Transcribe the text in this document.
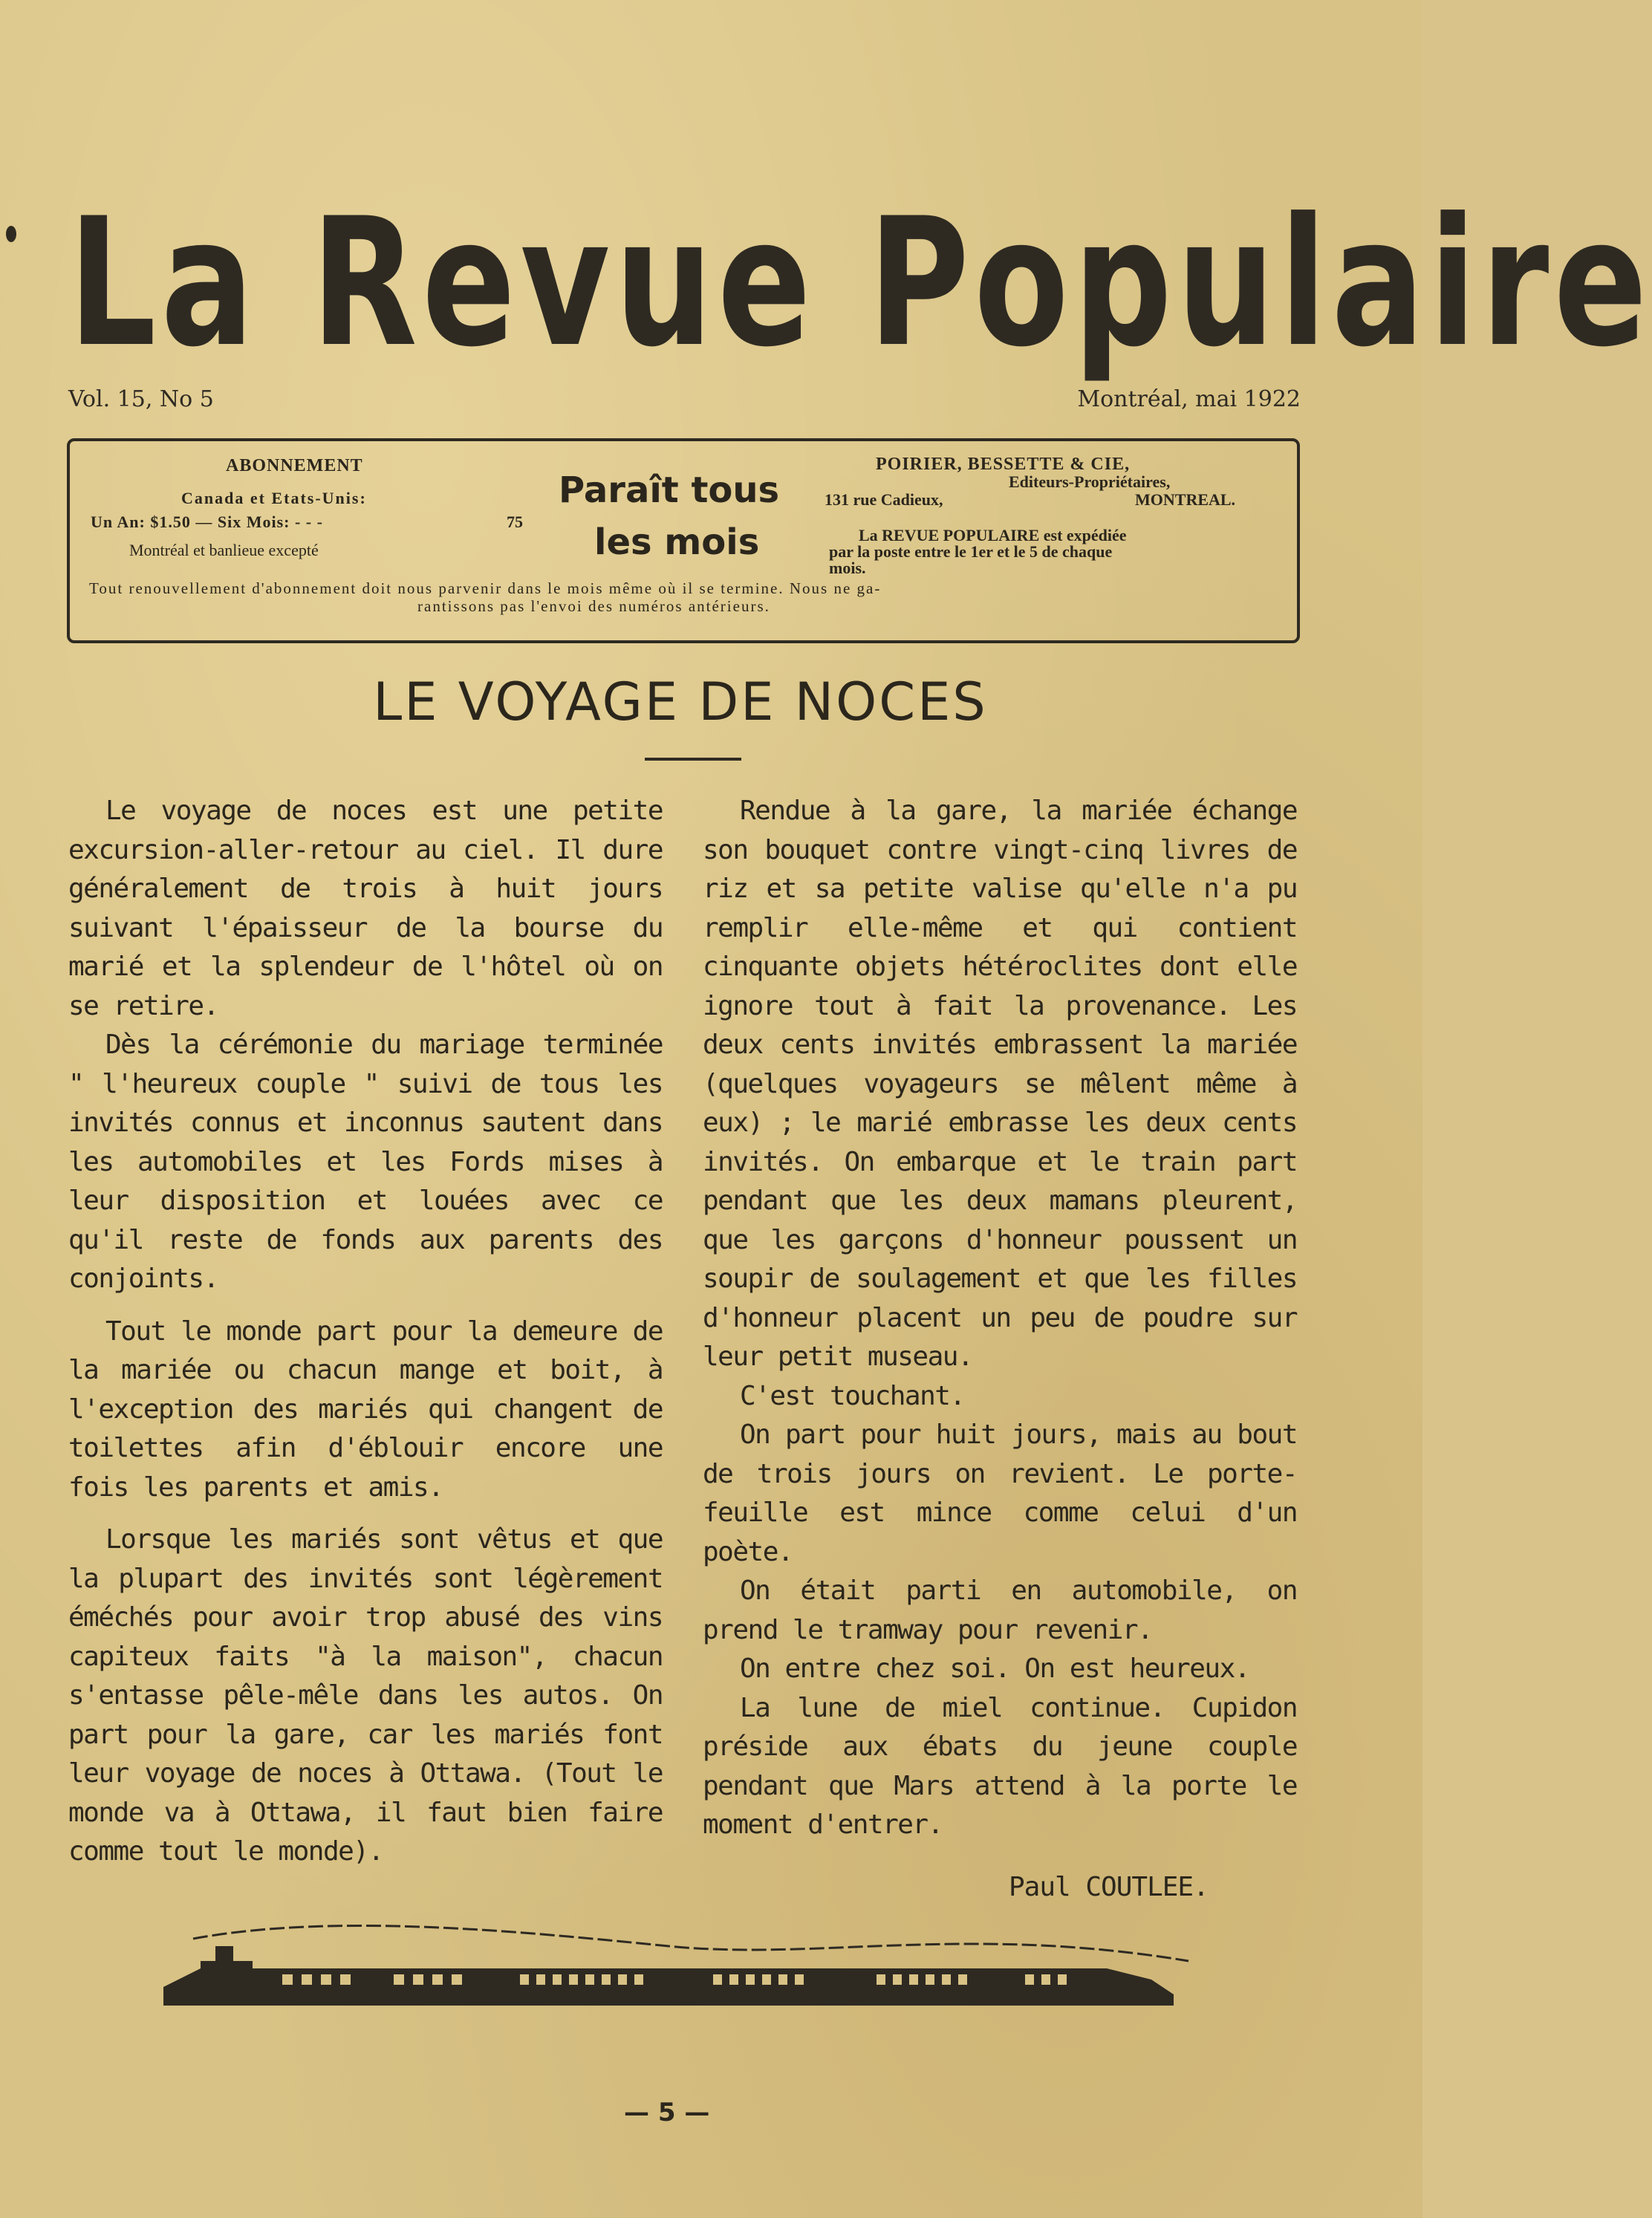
La Revue Populaire
Vol. 15, No 5	Montréal, mai 1922
ABONNEMENT
Canada et Etats-Unis:
Un An: $1.50 — Six Mois: - - -	75
Montréal et banlieue excepté
Paraît tous
les mois
POIRIER, BESSETTE & CIE,
Editeurs-Propriétaires,
131 rue Cadieux,	MONTREAL.
La REVUE POPULAIRE est expédiée
par la poste entre le 1er et le 5 de chaque
mois.
Tout renouvellement d'abonnement doit nous parvenir dans le mois même où il se termine. Nous ne ga-
rantissons pas l'envoi des numéros antérieurs.
LE VOYAGE DE NOCES

Le voyage de noces est une petite excursion-aller-retour au ciel. Il dure généralement de trois à huit jours suivant l'épaisseur de la bourse du marié et la splendeur de l'hôtel où on se retire.

Dès la cérémonie du mariage terminée " l'heureux couple " suivi de tous les invités connus et inconnus sautent dans les automobiles et les Fords mises à leur disposition et louées avec ce qu'il reste de fonds aux parents des conjoints.

Tout le monde part pour la demeure de la mariée ou chacun mange et boit, à l'exception des mariés qui changent de toilettes afin d'éblouir encore une fois les parents et amis.

Lorsque les mariés sont vêtus et que la plupart des invités sont légèrement éméchés pour avoir trop abusé des vins capiteux faits "à la maison", chacun s'entasse pêle-mêle dans les autos. On part pour la gare, car les mariés font leur voyage de noces à Ottawa. (Tout le monde va à Ottawa, il faut bien faire comme tout le monde).

Rendue à la gare, la mariée échange son bouquet contre vingt-cinq livres de riz et sa petite valise qu'elle n'a pu remplir elle-même et qui contient cinquante objets hétéroclites dont elle ignore tout à fait la provenance. Les deux cents invités embrassent la mariée (quelques voyageurs se mêlent même à eux) ; le marié embrasse les deux cents invités. On embarque et le train part pendant que les deux mamans pleurent, que les garçons d'honneur poussent un soupir de soulagement et que les filles d'honneur placent un peu de poudre sur leur petit museau.

C'est touchant.

On part pour huit jours, mais au bout de trois jours on revient. Le porte-feuille est mince comme celui d'un poète.

On était parti en automobile, on prend le tramway pour revenir.

On entre chez soi. On est heureux.

La lune de miel continue. Cupidon préside aux ébats du jeune couple pendant que Mars attend à la porte le moment d'entrer.

Paul COUTLEE.
— 5 —
